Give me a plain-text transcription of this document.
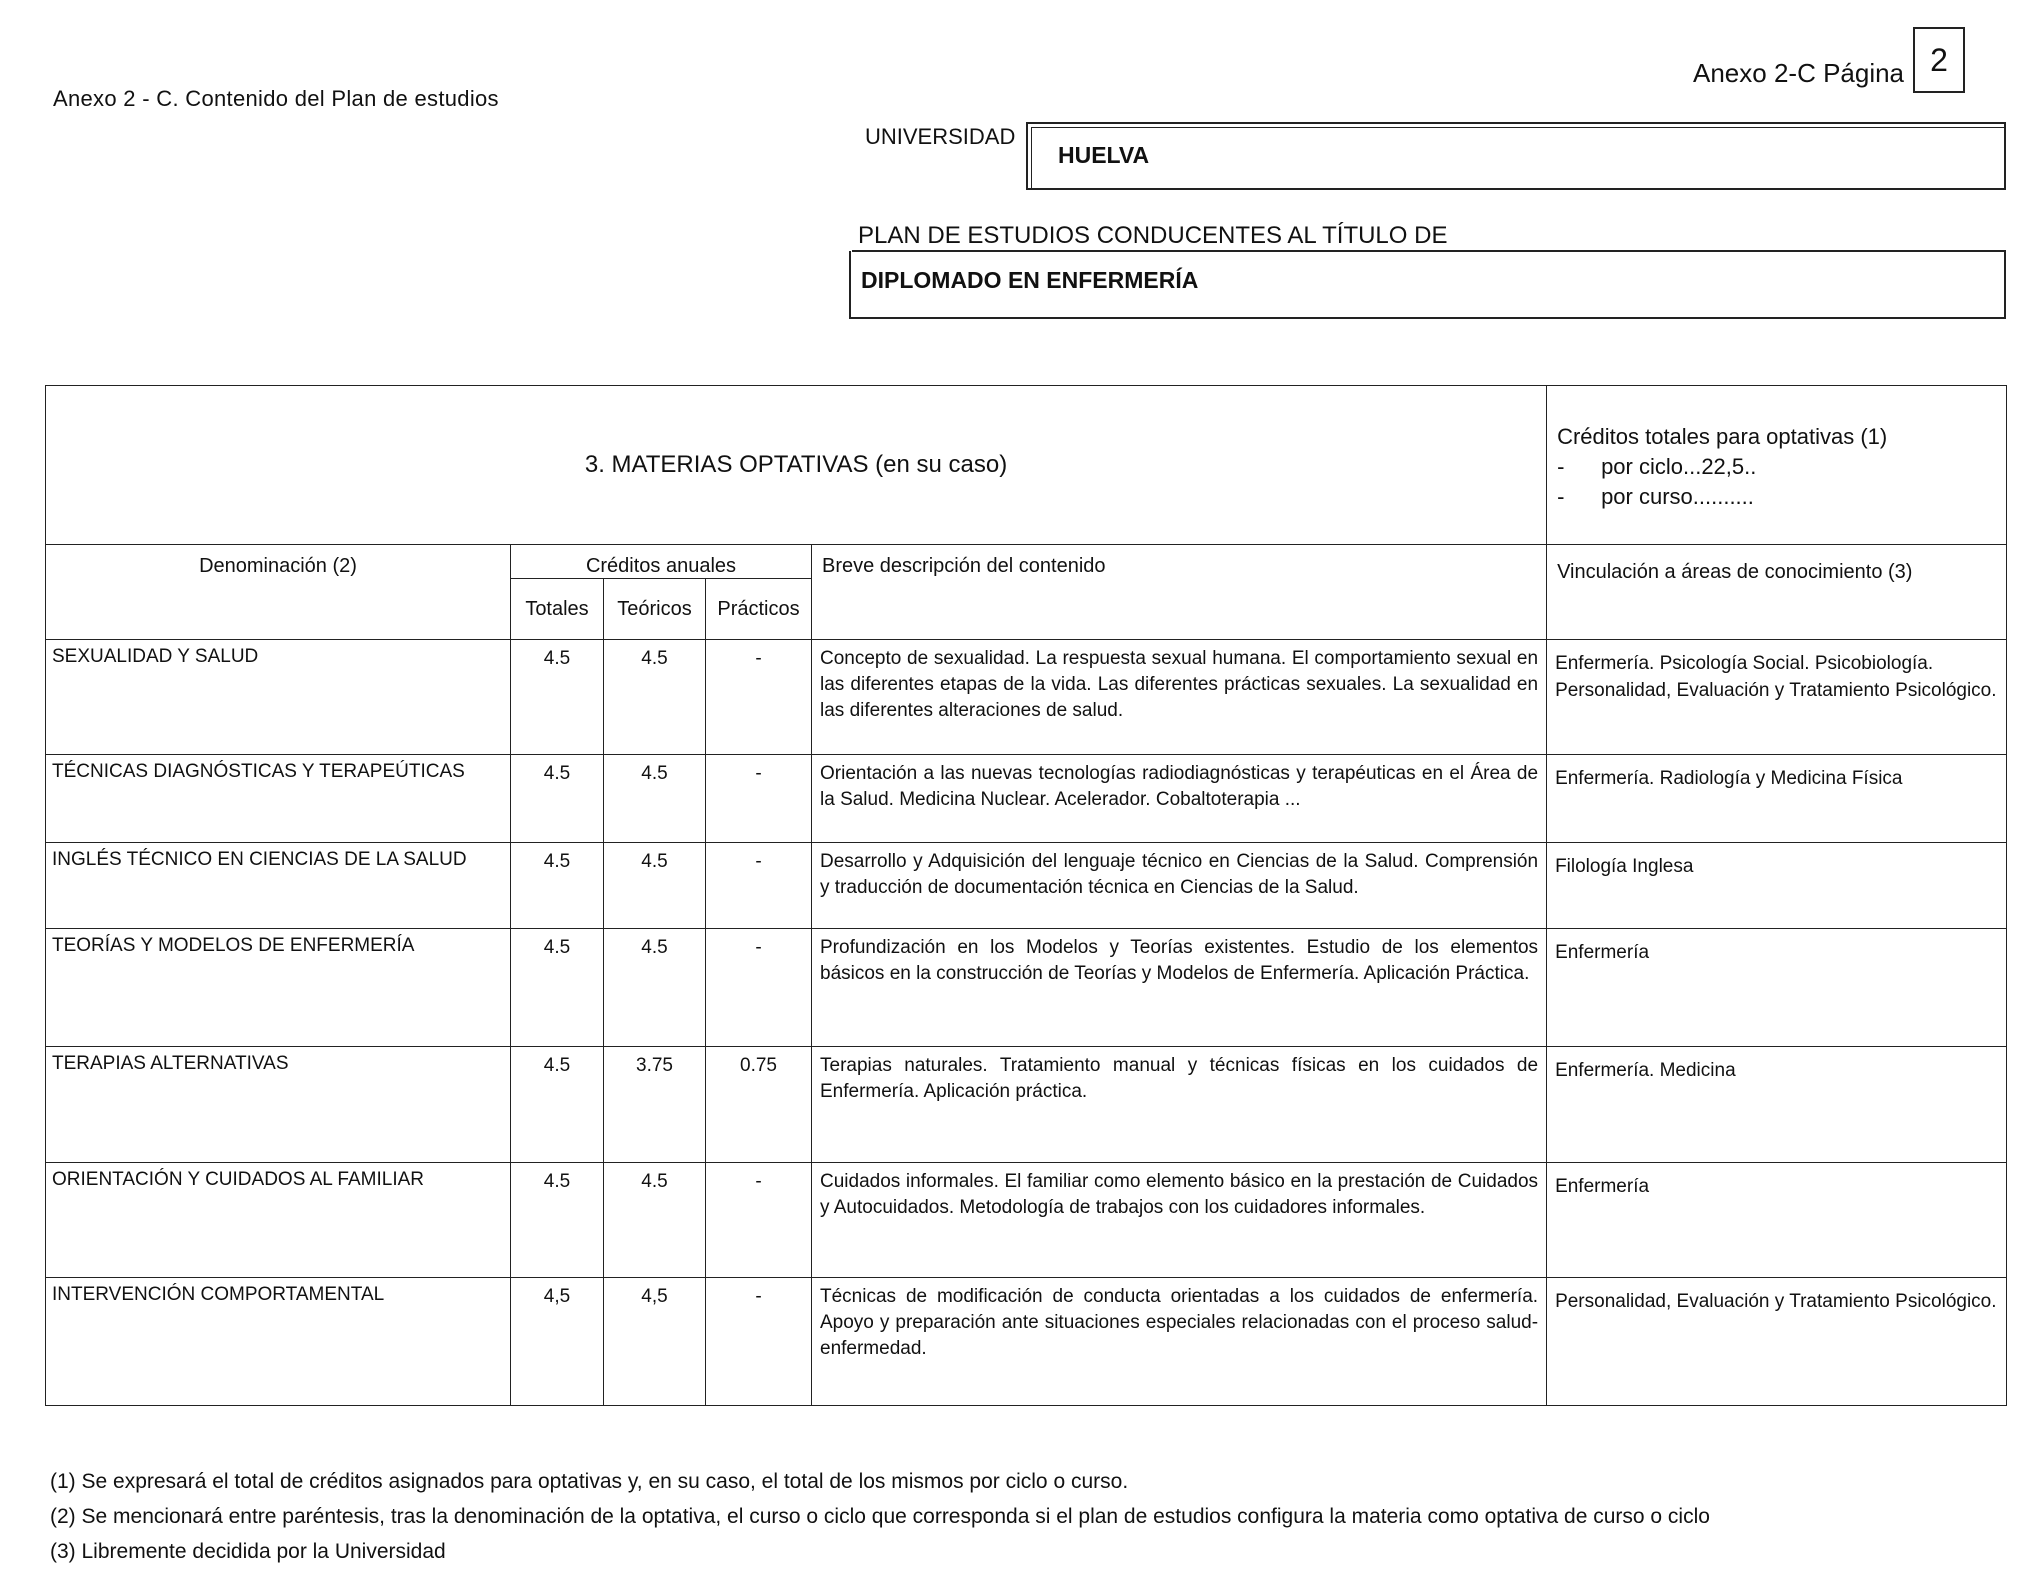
Anexo 2 - C. Contenido del Plan de estudios
Anexo 2-C Página 2
UNIVERSIDAD
HUELVA
PLAN DE ESTUDIOS CONDUCENTES AL TÍTULO DE
DIPLOMADO EN ENFERMERÍA
3. MATERIAS OPTATIVAS (en su caso)					Créditos totales para optativas (1)
- por ciclo...22,5..
- por curso..........

Denominación (2)	Créditos anuales			Breve descripción del contenido	Vinculación a áreas de conocimiento (3)
	Totales	Teóricos	Prácticos		
SEXUALIDAD Y SALUD	4.5	4.5	-	Concepto de sexualidad. La respuesta sexual humana. El comportamiento sexual en las diferentes etapas de la vida. Las diferentes prácticas sexuales. La sexualidad en las diferentes alteraciones de salud.	Enfermería. Psicología Social. Psicobiología. Personalidad, Evaluación y Tratamiento Psicológico.
TÉCNICAS DIAGNÓSTICAS Y TERAPEÚTICAS	4.5	4.5	-	Orientación a las nuevas tecnologías radiodiagnósticas y terapéuticas en el Área de la Salud. Medicina Nuclear. Acelerador. Cobaltoterapia ...	Enfermería. Radiología y Medicina Física
INGLÉS TÉCNICO EN CIENCIAS DE LA SALUD	4.5	4.5	-	Desarrollo y Adquisición del lenguaje técnico en Ciencias de la Salud. Comprensión y traducción de documentación técnica en Ciencias de la Salud.	Filología Inglesa
TEORÍAS Y MODELOS DE ENFERMERÍA	4.5	4.5	-	Profundización en los Modelos y Teorías existentes. Estudio de los elementos básicos en la construcción de Teorías y Modelos de Enfermería. Aplicación Práctica.	Enfermería
TERAPIAS ALTERNATIVAS	4.5	3.75	0.75	Terapias naturales. Tratamiento manual y técnicas físicas en los cuidados de Enfermería. Aplicación práctica.	Enfermería. Medicina
ORIENTACIÓN Y CUIDADOS AL FAMILIAR	4.5	4.5	-	Cuidados informales. El familiar como elemento básico en la prestación de Cuidados y Autocuidados. Metodología de trabajos con los cuidadores informales.	Enfermería
INTERVENCIÓN COMPORTAMENTAL	4,5	4,5	-	Técnicas de modificación de conducta orientadas a los cuidados de enfermería. Apoyo y preparación ante situaciones especiales relacionadas con el proceso salud-enfermedad.	Personalidad, Evaluación y Tratamiento Psicológico.
(1) Se expresará el total de créditos asignados para optativas y, en su caso, el total de los mismos por ciclo o curso.
(2) Se mencionará entre paréntesis, tras la denominación de la optativa, el curso o ciclo que corresponda si el plan de estudios configura la materia como optativa de curso o ciclo
(3) Libremente decidida por la Universidad
